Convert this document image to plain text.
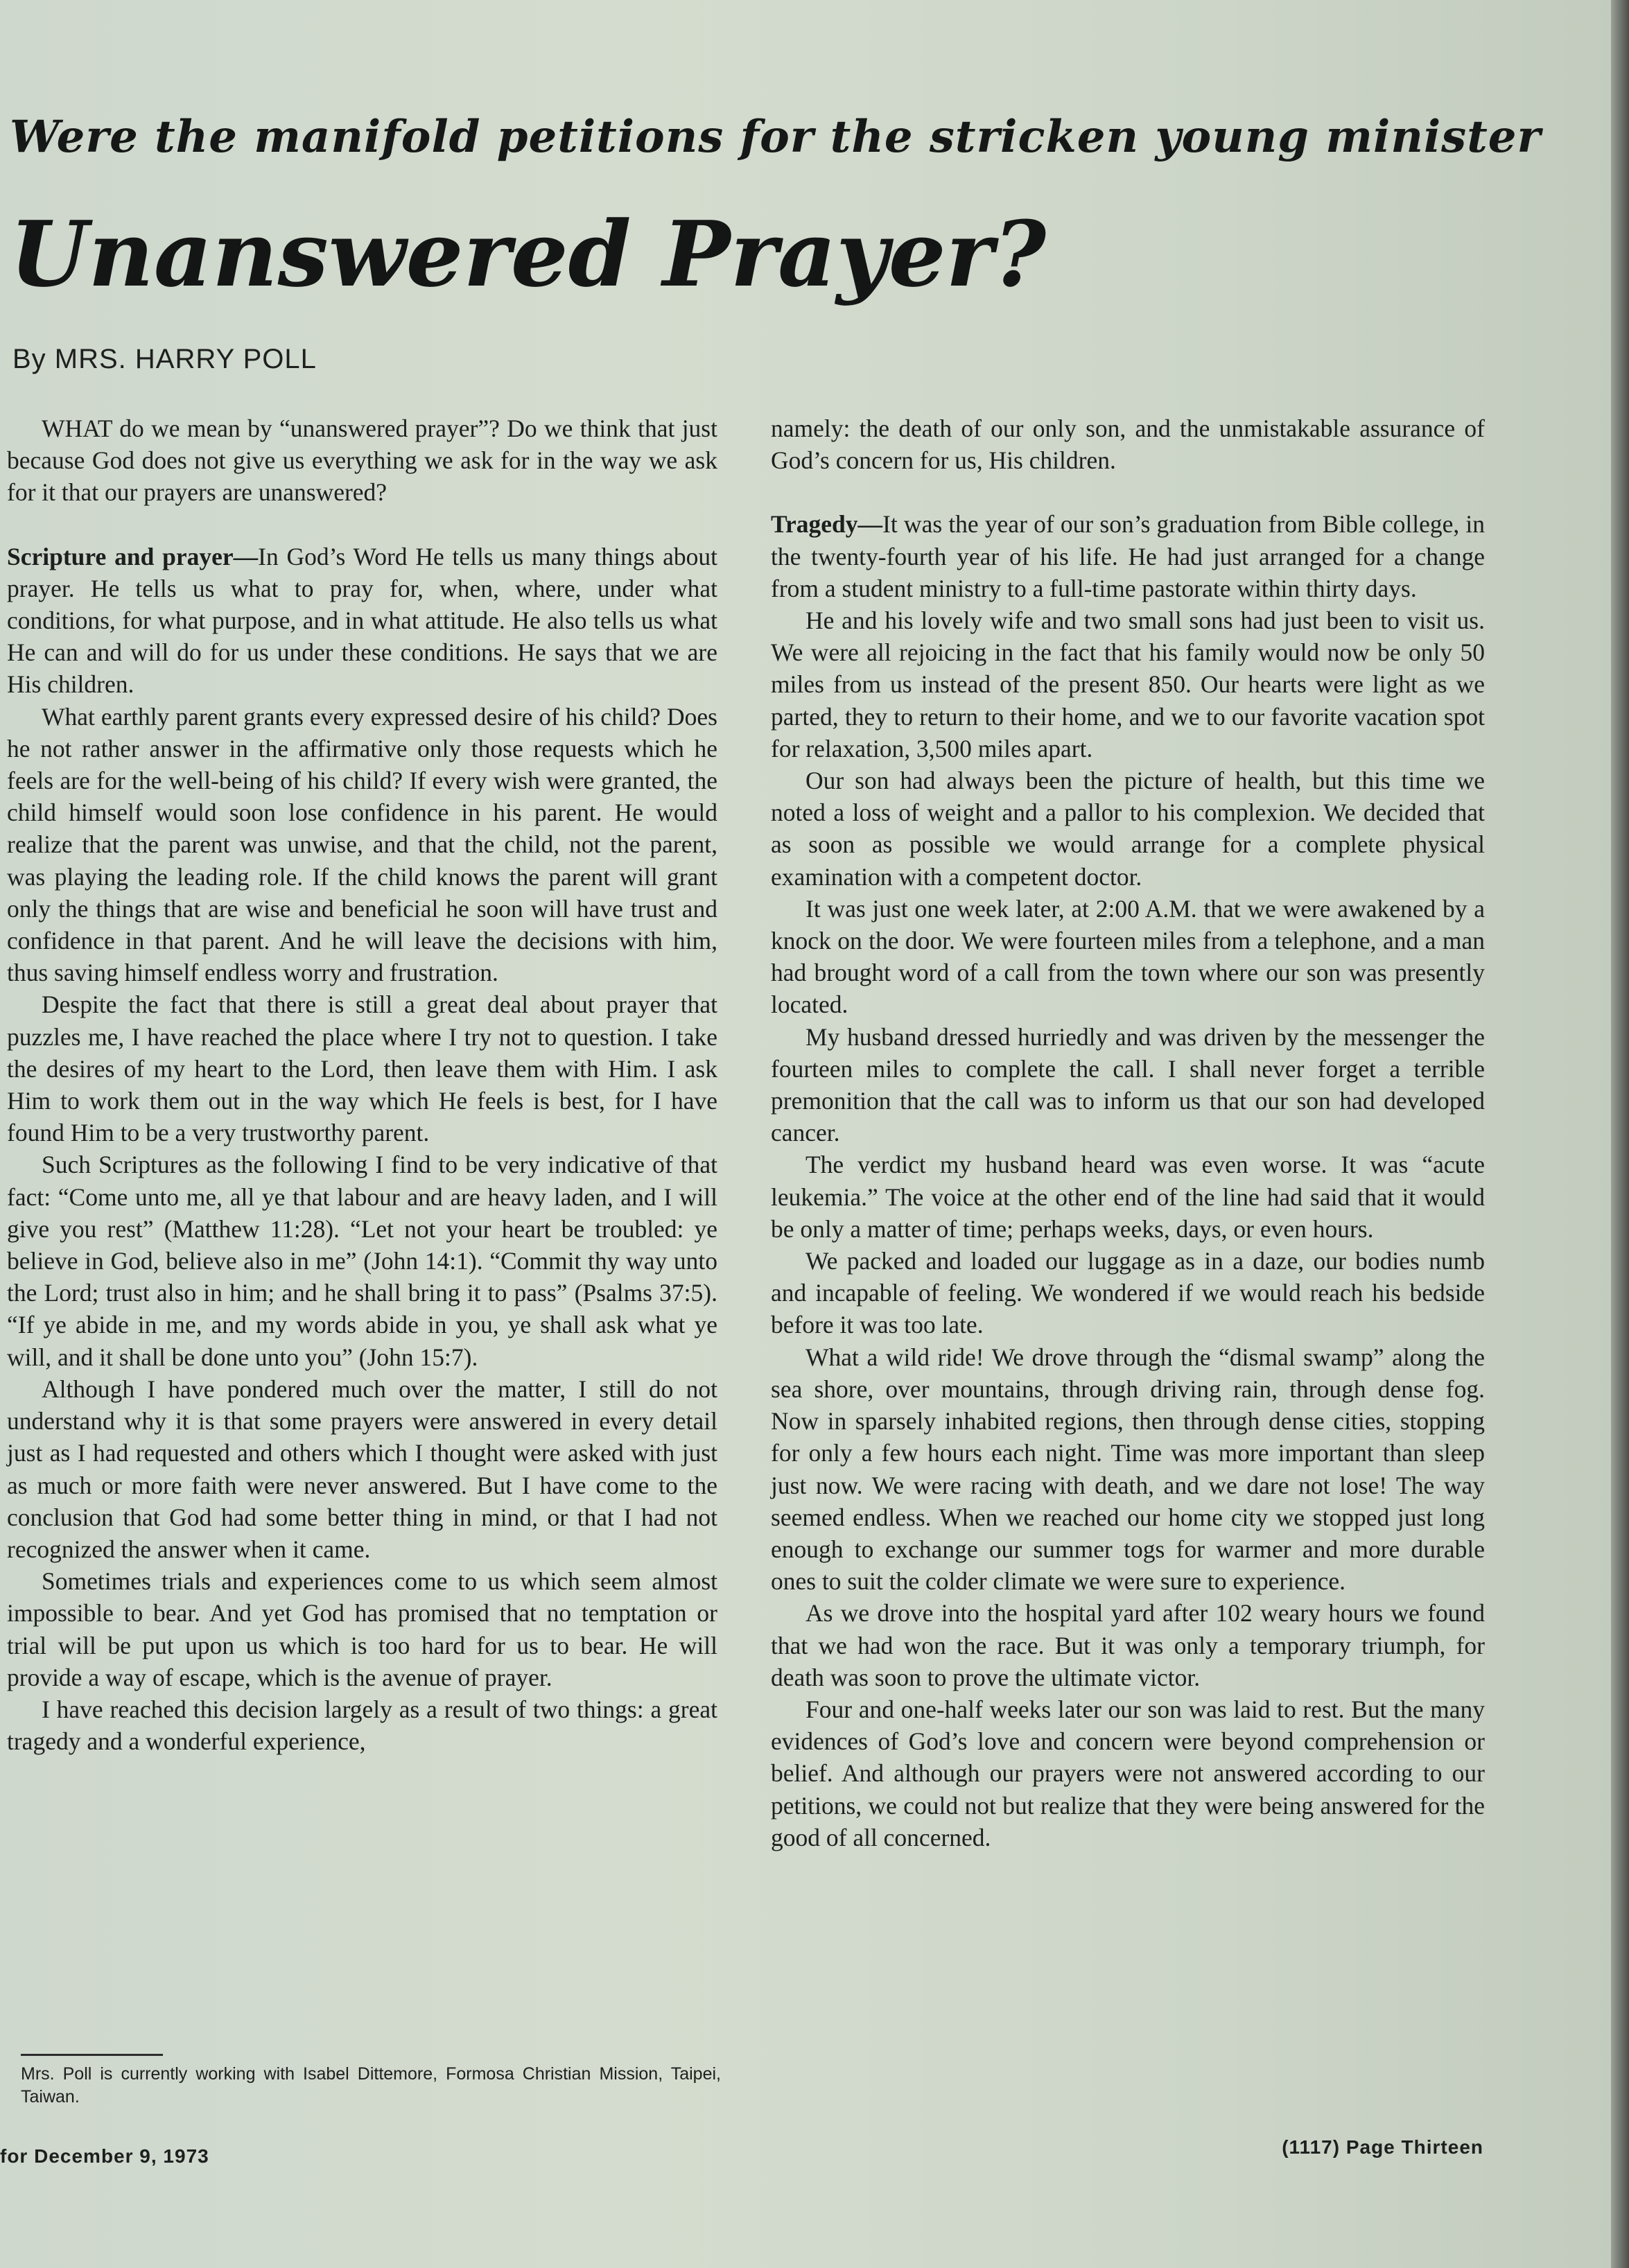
Were the manifold petitions for the stricken young minister
Unanswered Prayer?
By MRS. HARRY POLL

WHAT do we mean by “unanswered prayer”? Do we think that just because God does not give us everything we ask for in the way we ask for it that our prayers are unanswered?

Scripture and prayer—In God’s Word He tells us many things about prayer. He tells us what to pray for, when, where, under what conditions, for what purpose, and in what attitude. He also tells us what He can and will do for us under these conditions. He says that we are His children.

What earthly parent grants every expressed desire of his child? Does he not rather answer in the affirmative only those requests which he feels are for the well-being of his child? If every wish were granted, the child himself would soon lose confidence in his parent. He would realize that the parent was unwise, and that the child, not the parent, was playing the leading role. If the child knows the parent will grant only the things that are wise and beneficial he soon will have trust and confidence in that parent. And he will leave the decisions with him, thus saving himself endless worry and frustration.

Despite the fact that there is still a great deal about prayer that puzzles me, I have reached the place where I try not to question. I take the desires of my heart to the Lord, then leave them with Him. I ask Him to work them out in the way which He feels is best, for I have found Him to be a very trustworthy parent.

Such Scriptures as the following I find to be very indicative of that fact: “Come unto me, all ye that labour and are heavy laden, and I will give you rest” (Matthew 11:28). “Let not your heart be troubled: ye believe in God, believe also in me” (John 14:1). “Commit thy way unto the Lord; trust also in him; and he shall bring it to pass” (Psalms 37:5). “If ye abide in me, and my words abide in you, ye shall ask what ye will, and it shall be done unto you” (John 15:7).

Although I have pondered much over the matter, I still do not understand why it is that some prayers were answered in every detail just as I had requested and others which I thought were asked with just as much or more faith were never answered. But I have come to the conclusion that God had some better thing in mind, or that I had not recognized the answer when it came.

Sometimes trials and experiences come to us which seem almost impossible to bear. And yet God has promised that no temptation or trial will be put upon us which is too hard for us to bear. He will provide a way of escape, which is the avenue of prayer.

I have reached this decision largely as a result of two things: a great tragedy and a wonderful experience,

namely: the death of our only son, and the unmistakable assurance of God’s concern for us, His children.

Tragedy—It was the year of our son’s graduation from Bible college, in the twenty-fourth year of his life. He had just arranged for a change from a student ministry to a full-time pastorate within thirty days.

He and his lovely wife and two small sons had just been to visit us. We were all rejoicing in the fact that his family would now be only 50 miles from us instead of the present 850. Our hearts were light as we parted, they to return to their home, and we to our favorite vacation spot for relaxation, 3,500 miles apart.

Our son had always been the picture of health, but this time we noted a loss of weight and a pallor to his complexion. We decided that as soon as possible we would arrange for a complete physical examination with a competent doctor.

It was just one week later, at 2:00 A.M. that we were awakened by a knock on the door. We were fourteen miles from a telephone, and a man had brought word of a call from the town where our son was presently located.

My husband dressed hurriedly and was driven by the messenger the fourteen miles to complete the call. I shall never forget a terrible premonition that the call was to inform us that our son had developed cancer.

The verdict my husband heard was even worse. It was “acute leukemia.” The voice at the other end of the line had said that it would be only a matter of time; perhaps weeks, days, or even hours.

We packed and loaded our luggage as in a daze, our bodies numb and incapable of feeling. We wondered if we would reach his bedside before it was too late.

What a wild ride! We drove through the “dismal swamp” along the sea shore, over mountains, through driving rain, through dense fog. Now in sparsely inhabited regions, then through dense cities, stopping for only a few hours each night. Time was more important than sleep just now. We were racing with death, and we dare not lose! The way seemed endless. When we reached our home city we stopped just long enough to exchange our summer togs for warmer and more durable ones to suit the colder climate we were sure to experience.

As we drove into the hospital yard after 102 weary hours we found that we had won the race. But it was only a temporary triumph, for death was soon to prove the ultimate victor.

Four and one-half weeks later our son was laid to rest. But the many evidences of God’s love and concern were beyond comprehension or belief. And although our prayers were not answered according to our petitions, we could not but realize that they were being answered for the good of all concerned.

Mrs. Poll is currently working with Isabel Dittemore, Formosa Christian Mission, Taipei, Taiwan.
for December 9, 1973	(1117) Page Thirteen
